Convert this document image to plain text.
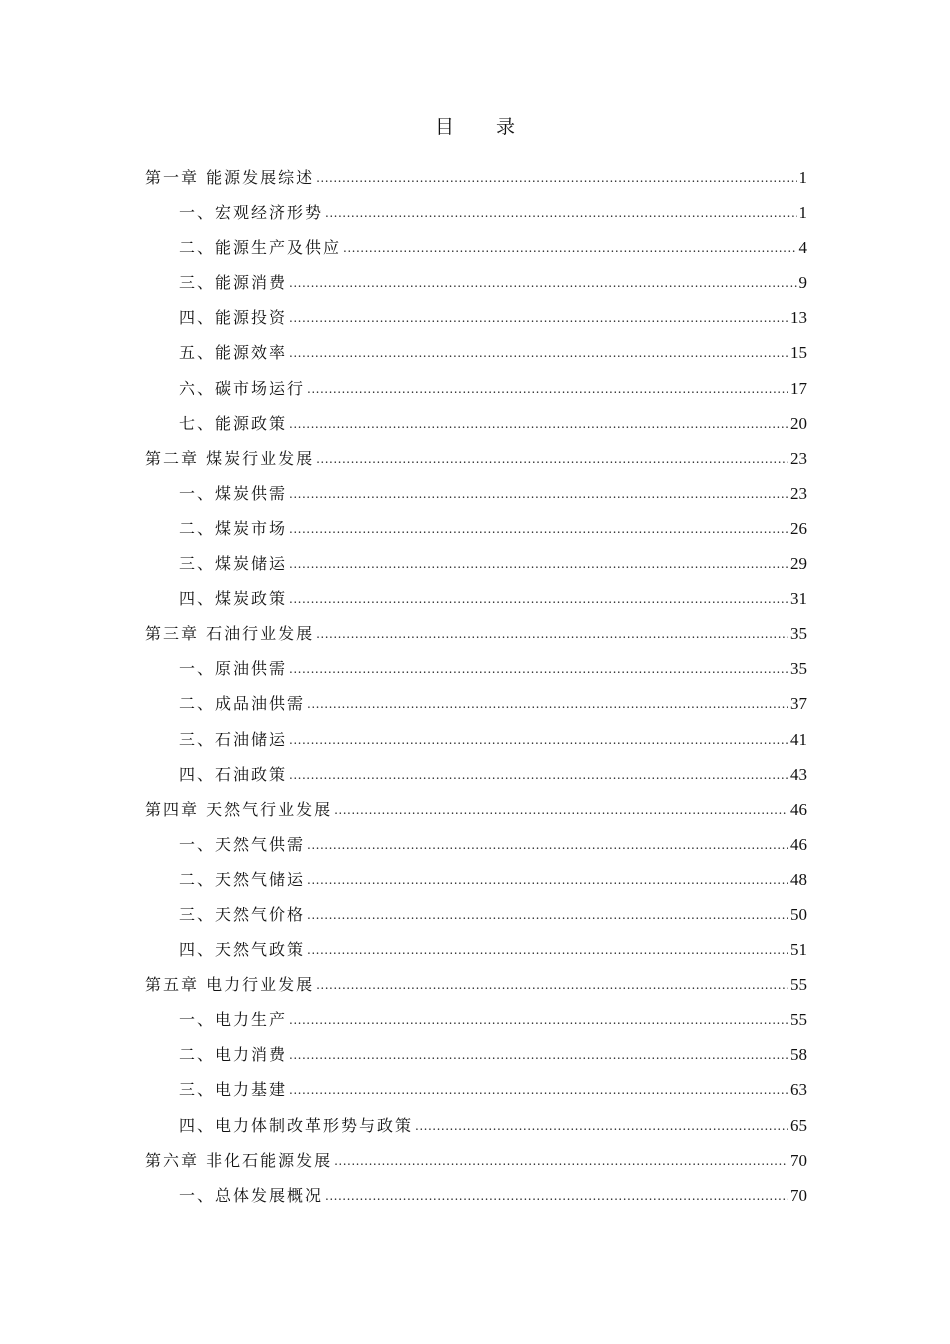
目 录
第一章 能源发展综述 .....	1
一、宏观经济形势 .....	1
二、能源生产及供应 .....	4
三、能源消费 .....	9
四、能源投资 .....	13
五、能源效率 .....	15
六、碳市场运行 .....	17
七、能源政策 .....	20
第二章 煤炭行业发展 .....	23
一、煤炭供需 .....	23
二、煤炭市场 .....	26
三、煤炭储运 .....	29
四、煤炭政策 .....	31
第三章 石油行业发展 .....	35
一、原油供需 .....	35
二、成品油供需 .....	37
三、石油储运 .....	41
四、石油政策 .....	43
第四章 天然气行业发展 .....	46
一、天然气供需 .....	46
二、天然气储运 .....	48
三、天然气价格 .....	50
四、天然气政策 .....	51
第五章 电力行业发展 .....	55
一、电力生产 .....	55
二、电力消费 .....	58
三、电力基建 .....	63
四、电力体制改革形势与政策 .....	65
第六章 非化石能源发展 .....	70
一、总体发展概况 .....	70
